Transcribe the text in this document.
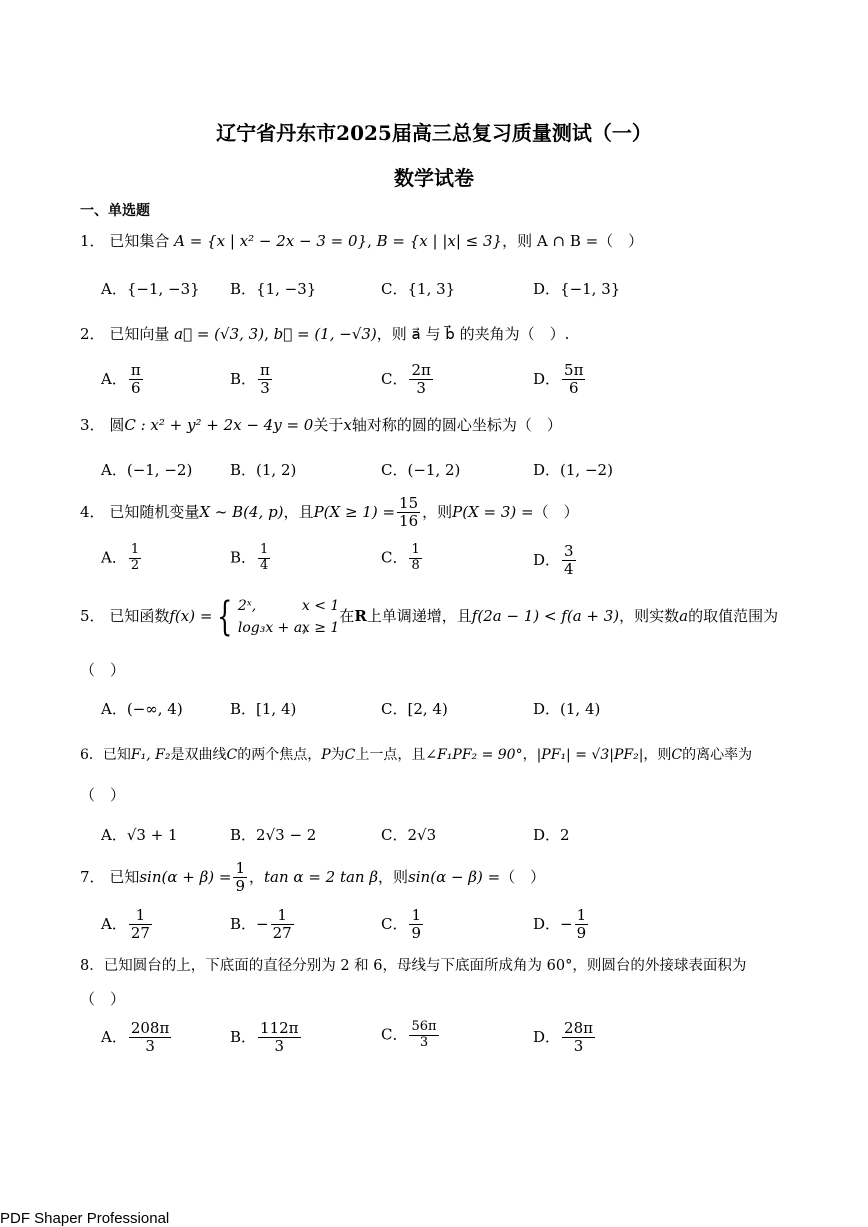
辽宁省丹东市2025届高三总复习质量测试（一）
数学试卷
一、单选题
1． 已知集合 A = {x | x² − 2x − 3 = 0}, B = {x | |x| ≤ 3}，则 A ∩ B =（　）
A．{−1, −3} B．{1, −3}	C．{1, 3}	D．{−1, 3}
2． 已知向量 a⃗ = (√3, 3), b⃗ = (1, −√3)，则 a⃗ 与 b⃗ 的夹角为（　）.
A． $\frac{\pi}{6}$	B． $\frac{\pi}{3}$	C． $\frac{2\pi}{3}$	D． $\frac{5\pi}{6}$
3． 圆C : x² + y² + 2x − 4y = 0关于x轴对称的圆的圆心坐标为（　）
A．(−1, −2)	B．(1, 2)	C．(−1, 2)	D．(1, −2)
4． 已知随机变量X ~ B(4, p)，且$P(X \ge 1) = \frac{15}{16}$ ，则P(X = 3) =（　）
A． $\frac{1}{2}$	B． $\frac{1}{4}$	C． $\frac{1}{8}$	D． $\frac{3}{4}$
5． 已知函数f(x) = { 2ˣ,	x < 1
log₃x + a,
x ≥ 1
在R上单调递增，且f(2a − 1) < f(a + 3)，则实数a的取值范围为
（　）
A．(−∞, 4)	B．[1, 4)	C．[2, 4)	D．(1, 4)
6．已知F₁, F₂是双曲线C的两个焦点，P为C上一点，且∠F₁PF₂ = 90°，|PF₁| = √3|PF₂|，则C的离心率为
（　）
A．√3 + 1	B．2√3 − 2	C．2√3	D．2
7． 已知$\sin(\alpha + \beta) = \frac{1}{9}$ ，tan α = 2 tan β，则sin(α − β) =（　）
A． $\frac{1}{27}$	B．− $\frac{1}{27}$	C． $\frac{1}{9}$	D．− $\frac{1}{9}$
8．已知圆台的上，下底面的直径分别为 2 和 6，母线与下底面所成角为 60°，则圆台的外接球表面积为
（　）
A． $\frac{208\pi}{3}$	B． $\frac{112\pi}{3}$	C． $\frac{56\pi}{3}$	D． $\frac{28\pi}{3}$
PDF Shaper Professional
